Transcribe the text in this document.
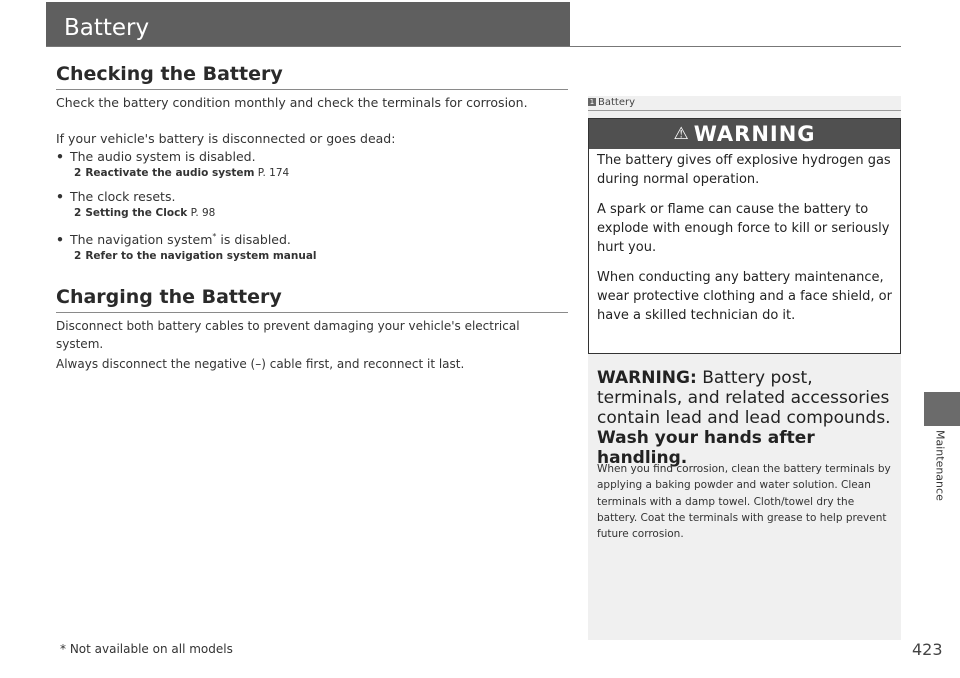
Battery
Maintenance
Checking the Battery

Check the battery condition monthly and check the terminals for corrosion.

If your vehicle's battery is disconnected or goes dead:

• The audio system is disabled.
2 Reactivate the audio system P. 174
• The clock resets.
2 Setting the Clock P. 98
• The navigation system* is disabled.
2 Refer to the navigation system manual
Charging the Battery

Disconnect both battery cables to prevent damaging your vehicle's electrical system.

Always disconnect the negative (–) cable first, and reconnect it last.

1 Battery
⚠ WARNING

The battery gives off explosive hydrogen gas during normal operation.

A spark or flame can cause the battery to explode with enough force to kill or seriously hurt you.

When conducting any battery maintenance, wear protective clothing and a face shield, or have a skilled technician do it.

WARNING: Battery post, terminals, and related accessories contain lead and lead compounds.
Wash your hands after handling.
When you find corrosion, clean the battery terminals by applying a baking powder and water solution. Clean terminals with a damp towel. Cloth/towel dry the battery. Coat the terminals with grease to help prevent future corrosion.
* Not available on all models	423
